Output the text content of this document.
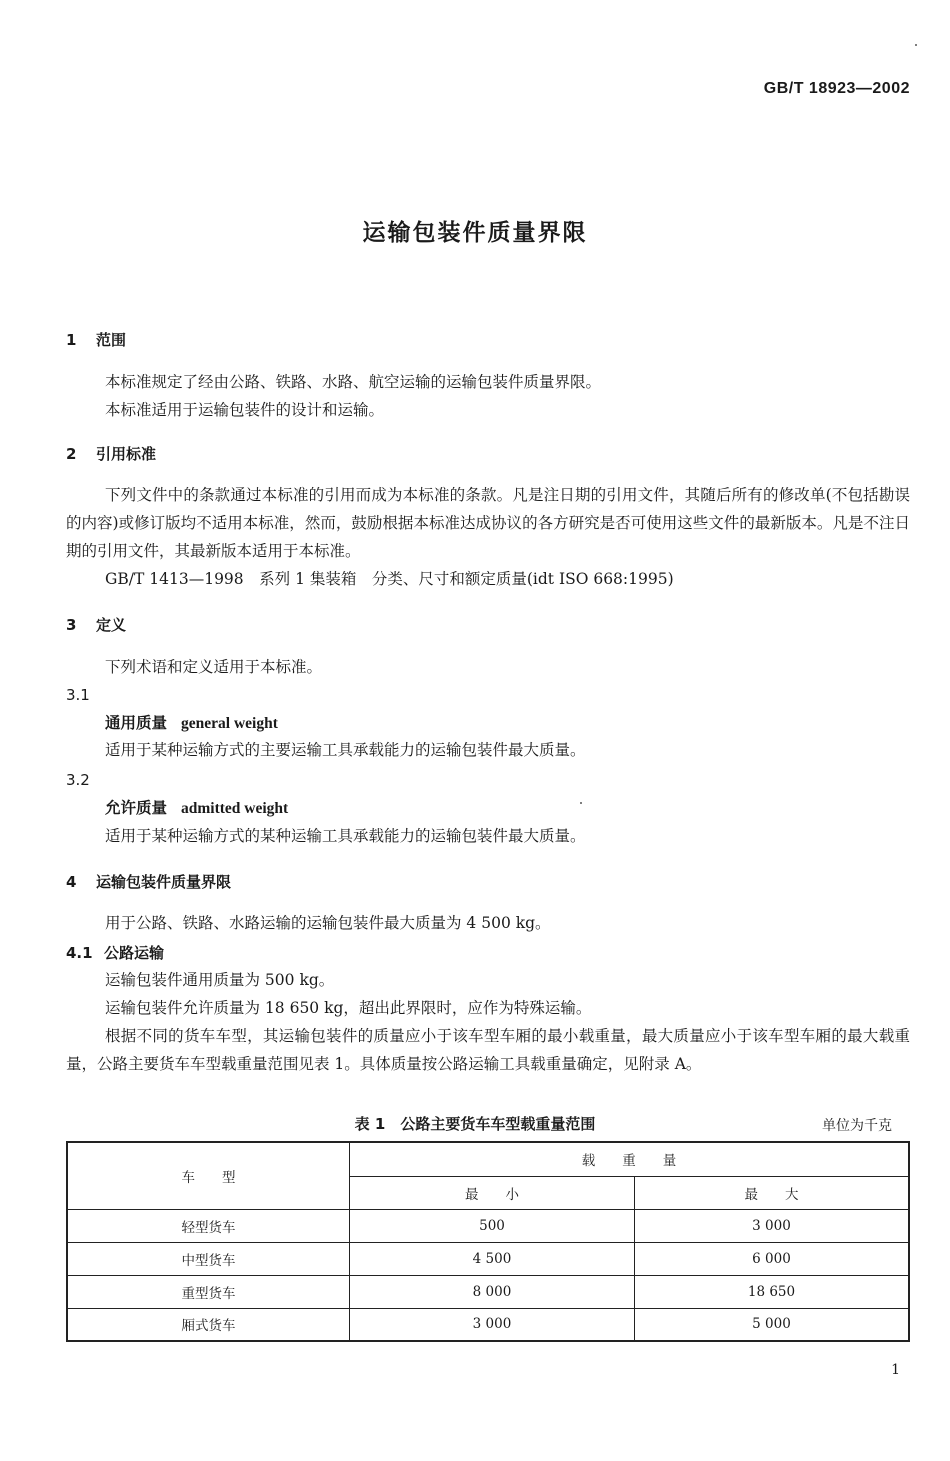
GB/T 18923—2002
运输包装件质量界限
1 范围
本标准规定了经由公路、铁路、水路、航空运输的运输包装件质量界限。
本标准适用于运输包装件的设计和运输。
2 引用标准
下列文件中的条款通过本标准的引用而成为本标准的条款。凡是注日期的引用文件，其随后所有的修改单(不包括勘误的内容)或修订版均不适用本标准，然而，鼓励根据本标准达成协议的各方研究是否可使用这些文件的最新版本。凡是不注日期的引用文件，其最新版本适用于本标准。
GB/T 1413—1998　系列 1 集装箱　分类、尺寸和额定质量(idt ISO 668:1995)
3 定义
下列术语和定义适用于本标准。
3.1
通用质量 general weight
适用于某种运输方式的主要运输工具承载能力的运输包装件最大质量。
3.2
允许质量 admitted weight
适用于某种运输方式的某种运输工具承载能力的运输包装件最大质量。
4 运输包装件质量界限
用于公路、铁路、水路运输的运输包装件最大质量为 4 500 kg。
4.1 公路运输
运输包装件通用质量为 500 kg。
运输包装件允许质量为 18 650 kg，超出此界限时，应作为特殊运输。
根据不同的货车车型，其运输包装件的质量应小于该车型车厢的最小载重量，最大质量应小于该车型车厢的最大载重量，公路主要货车车型载重量范围见表 1。具体质量按公路运输工具载重量确定，见附录 A。
表 1　公路主要货车车型载重量范围	单位为千克
车　　型	载　　重　　量	
	最　　小	最　　大
轻型货车	500	3 000
中型货车	4 500	6 000
重型货车	8 000	18 650
厢式货车	3 000	5 000
1
